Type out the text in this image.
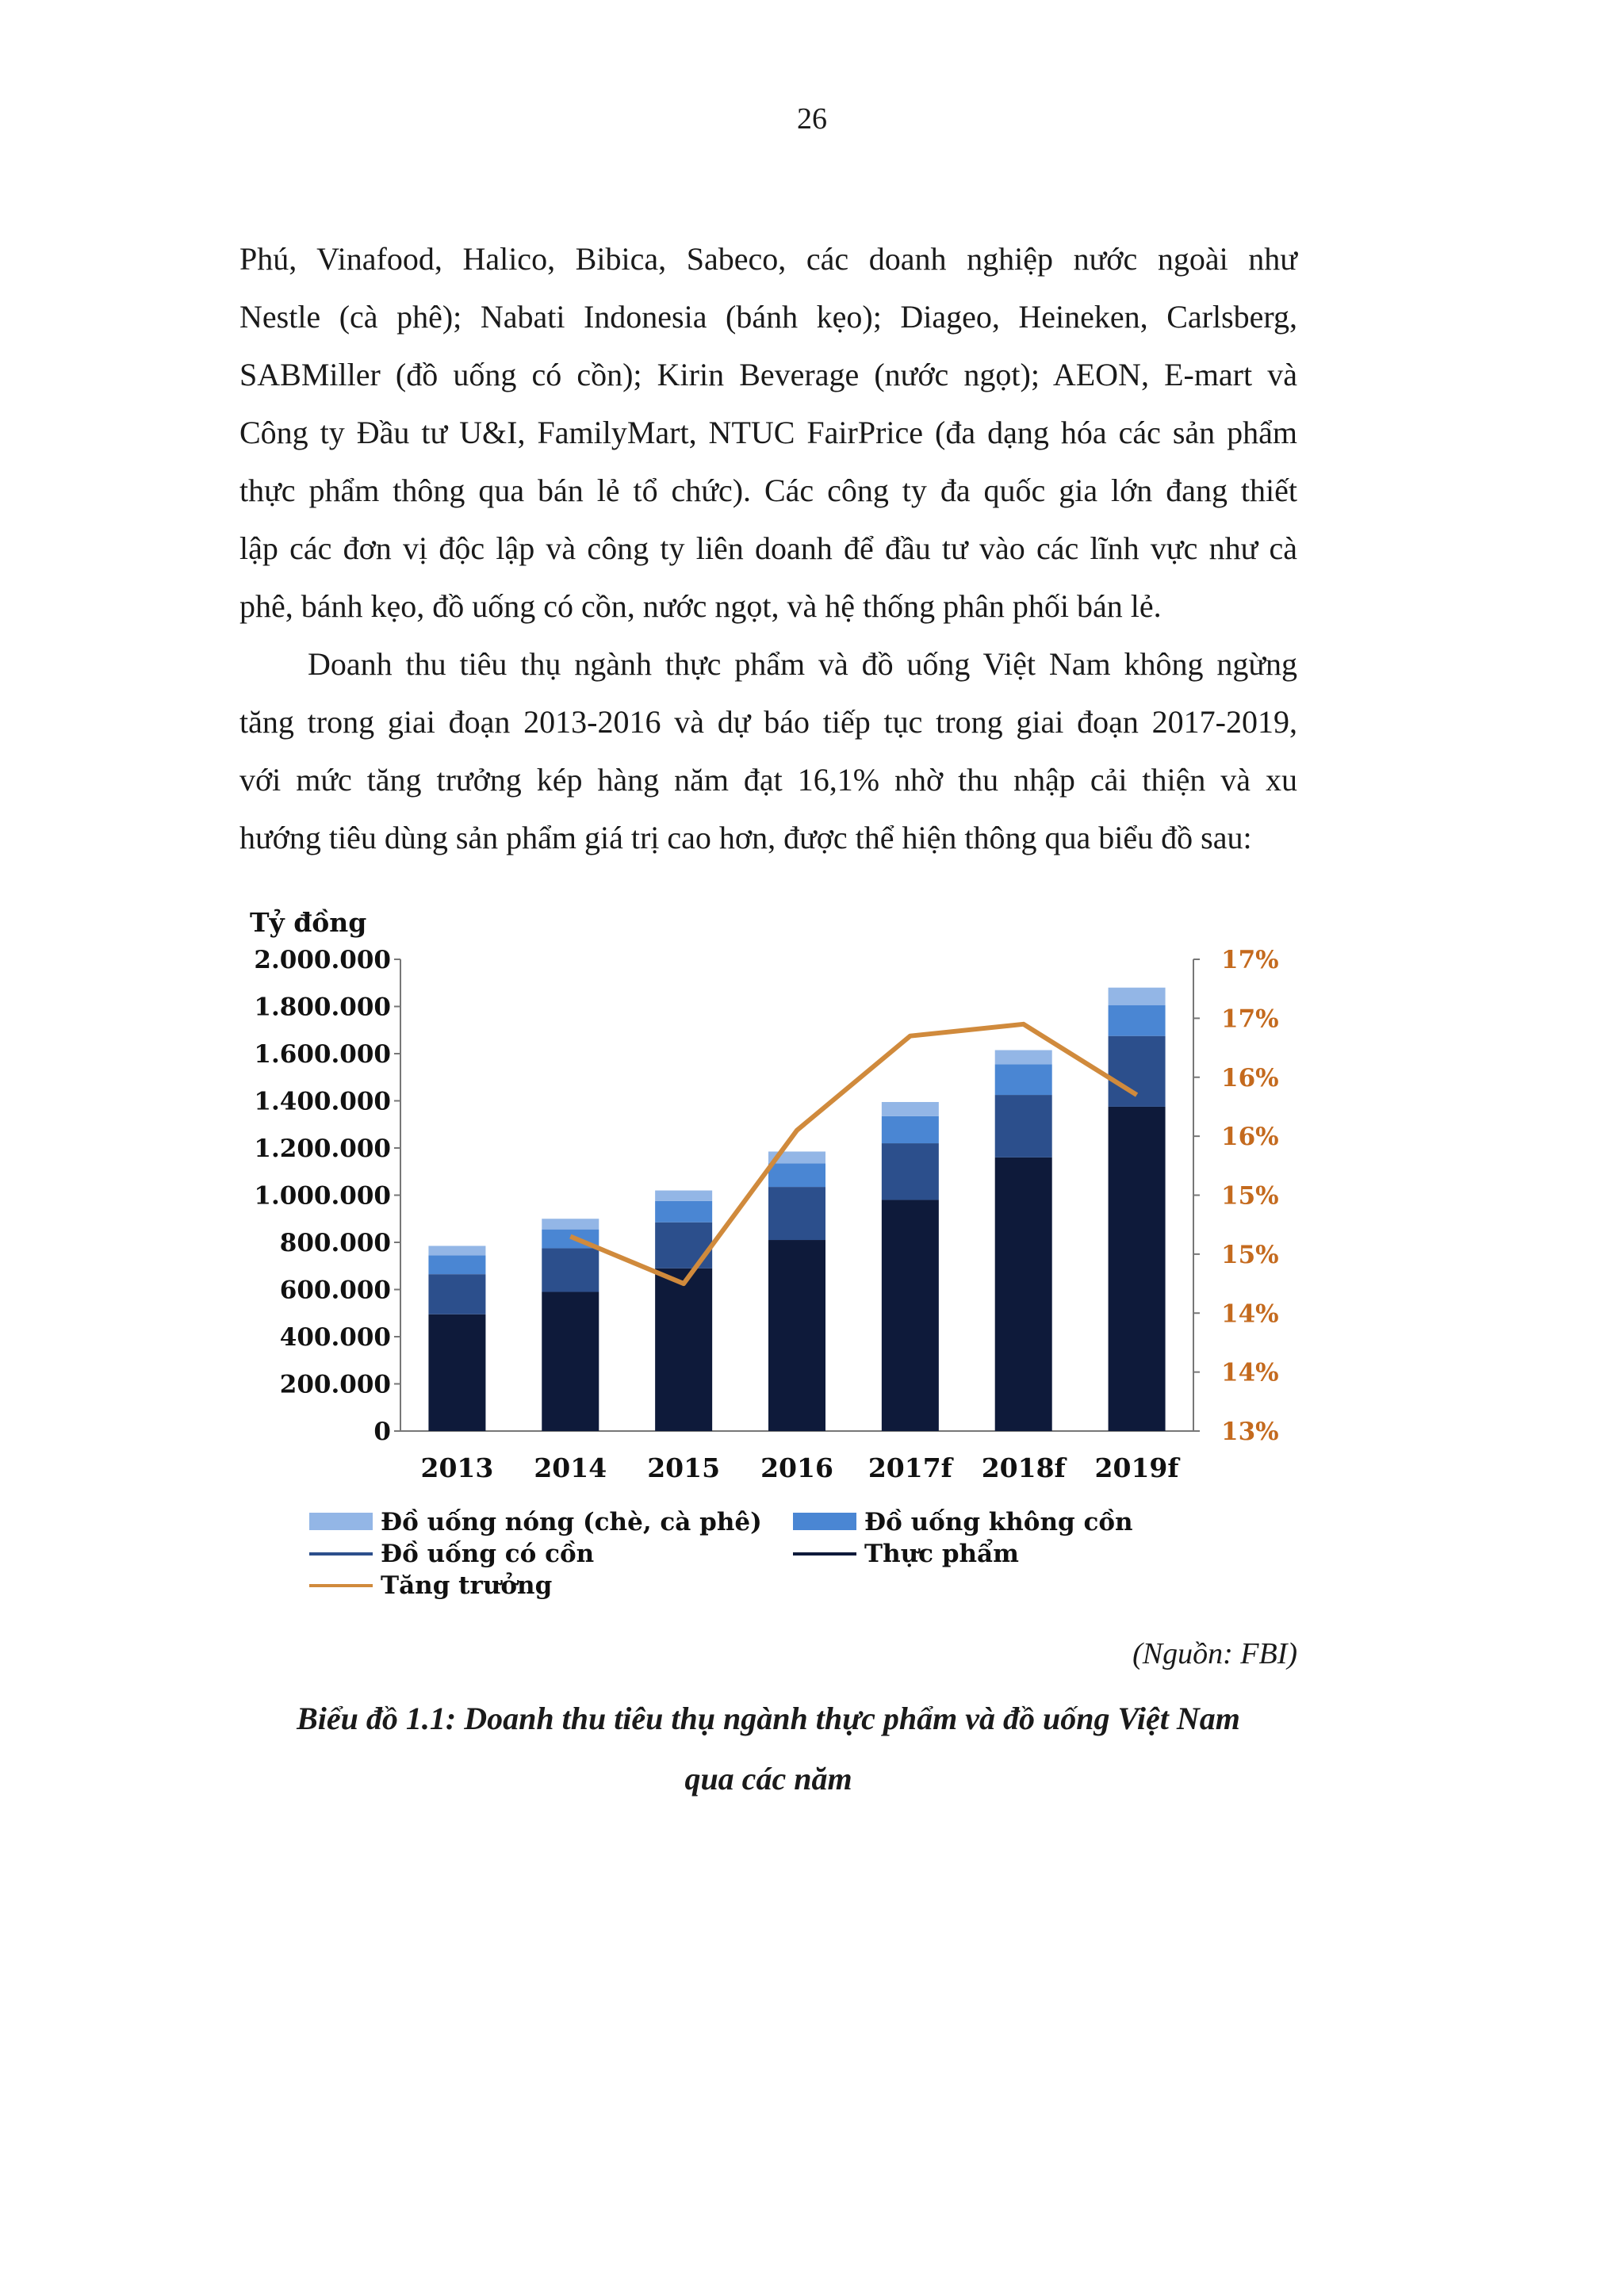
26

Phú, Vinafood, Halico, Bibica, Sabeco, các doanh nghiệp nước ngoài như

Nestle (cà phê); Nabati Indonesia (bánh kẹo); Diageo, Heineken, Carlsberg,

SABMiller (đồ uống có cồn); Kirin Beverage (nước ngọt); AEON, E-mart và

Công ty Đầu tư U&I, FamilyMart, NTUC FairPrice (đa dạng hóa các sản phẩm

thực phẩm thông qua bán lẻ tổ chức). Các công ty đa quốc gia lớn đang thiết

lập các đơn vị độc lập và công ty liên doanh để đầu tư vào các lĩnh vực như cà

phê, bánh kẹo, đồ uống có cồn, nước ngọt, và hệ thống phân phối bán lẻ.

Doanh thu tiêu thụ ngành thực phẩm và đồ uống Việt Nam không ngừng

tăng trong giai đoạn 2013-2016 và dự báo tiếp tục trong giai đoạn 2017-2019,

với mức tăng trưởng kép hàng năm đạt 16,1% nhờ thu nhập cải thiện và xu

hướng tiêu dùng sản phẩm giá trị cao hơn, được thể hiện thông qua biểu đồ sau:

Tỷ đồng
0
200.000
400.000
600.000
800.000
1.000.000
1.200.000
1.400.000
1.600.000
1.800.000
2.000.000
13%
14%
14%
15%
15%
16%
16%
17%
17%
2013 2014 2015 2016 2017f 2018f 2019f
Đồ uống nóng (chè, cà phê)	Đồ uống không cồn
Đồ uống có cồn	Thực phẩm
Tăng trưởng
(Nguồn: FBI)
Biểu đồ 1.1: Doanh thu tiêu thụ ngành thực phẩm và đồ uống Việt Nam
qua các năm
